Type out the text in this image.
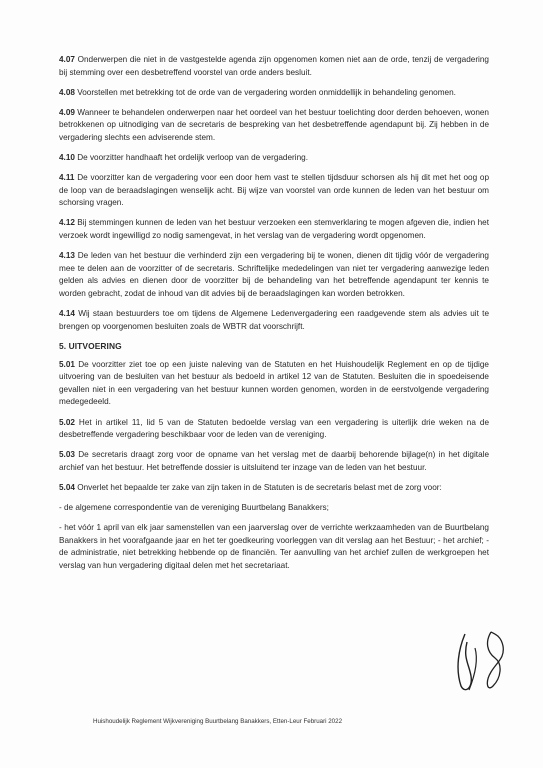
4.07 Onderwerpen die niet in de vastgestelde agenda zijn opgenomen komen niet aan de orde, tenzij de vergadering bij stemming over een desbetreffend voorstel van orde anders besluit.

4.08 Voorstellen met betrekking tot de orde van de vergadering worden onmiddellijk in behandeling genomen.

4.09 Wanneer te behandelen onderwerpen naar het oordeel van het bestuur toelichting door derden behoeven, wonen betrokkenen op uitnodiging van de secretaris de bespreking van het desbetreffende agendapunt bij. Zij hebben in de vergadering slechts een adviserende stem.

4.10 De voorzitter handhaaft het ordelijk verloop van de vergadering.

4.11 De voorzitter kan de vergadering voor een door hem vast te stellen tijdsduur schorsen als hij dit met het oog op de loop van de beraadslagingen wenselijk acht. Bij wijze van voorstel van orde kunnen de leden van het bestuur om schorsing vragen.

4.12 Bij stemmingen kunnen de leden van het bestuur verzoeken een stemverklaring te mogen afgeven die, indien het verzoek wordt ingewilligd zo nodig samengevat, in het verslag van de vergadering wordt opgenomen.

4.13 De leden van het bestuur die verhinderd zijn een vergadering bij te wonen, dienen dit tijdig vóór de vergadering mee te delen aan de voorzitter of de secretaris. Schriftelijke mededelingen van niet ter vergadering aanwezige leden gelden als advies en dienen door de voorzitter bij de behandeling van het betreffende agendapunt ter kennis te worden gebracht, zodat de inhoud van dit advies bij de beraadslagingen kan worden betrokken.

4.14 Wij staan bestuurders toe om tijdens de Algemene Ledenvergadering een raadgevende stem als advies uit te brengen op voorgenomen besluiten zoals de WBTR dat voorschrijft.

5. UITVOERING

5.01 De voorzitter ziet toe op een juiste naleving van de Statuten en het Huishoudelijk Reglement en op de tijdige uitvoering van de besluiten van het bestuur als bedoeld in artikel 12 van de Statuten. Besluiten die in spoedeisende gevallen niet in een vergadering van het bestuur kunnen worden genomen, worden in de eerstvolgende vergadering medegedeeld.

5.02 Het in artikel 11, lid 5 van de Statuten bedoelde verslag van een vergadering is uiterlijk drie weken na de desbetreffende vergadering beschikbaar voor de leden van de vereniging.

5.03 De secretaris draagt zorg voor de opname van het verslag met de daarbij behorende bijlage(n) in het digitale archief van het bestuur. Het betreffende dossier is uitsluitend ter inzage van de leden van het bestuur.

5.04 Onverlet het bepaalde ter zake van zijn taken in de Statuten is de secretaris belast met de zorg voor:

- de algemene correspondentie van de vereniging Buurtbelang Banakkers;

- het vóór 1 april van elk jaar samenstellen van een jaarverslag over de verrichte werkzaamheden van de Buurtbelang Banakkers in het voorafgaande jaar en het ter goedkeuring voorleggen van dit verslag aan het Bestuur; - het archief; - de administratie, niet betrekking hebbende op de financiën. Ter aanvulling van het archief zullen de werkgroepen het verslag van hun vergadering digitaal delen met het secretariaat.

Huishoudelijk Reglement Wijkvereniging Buurtbelang Banakkers, Etten-Leur Februari 2022
